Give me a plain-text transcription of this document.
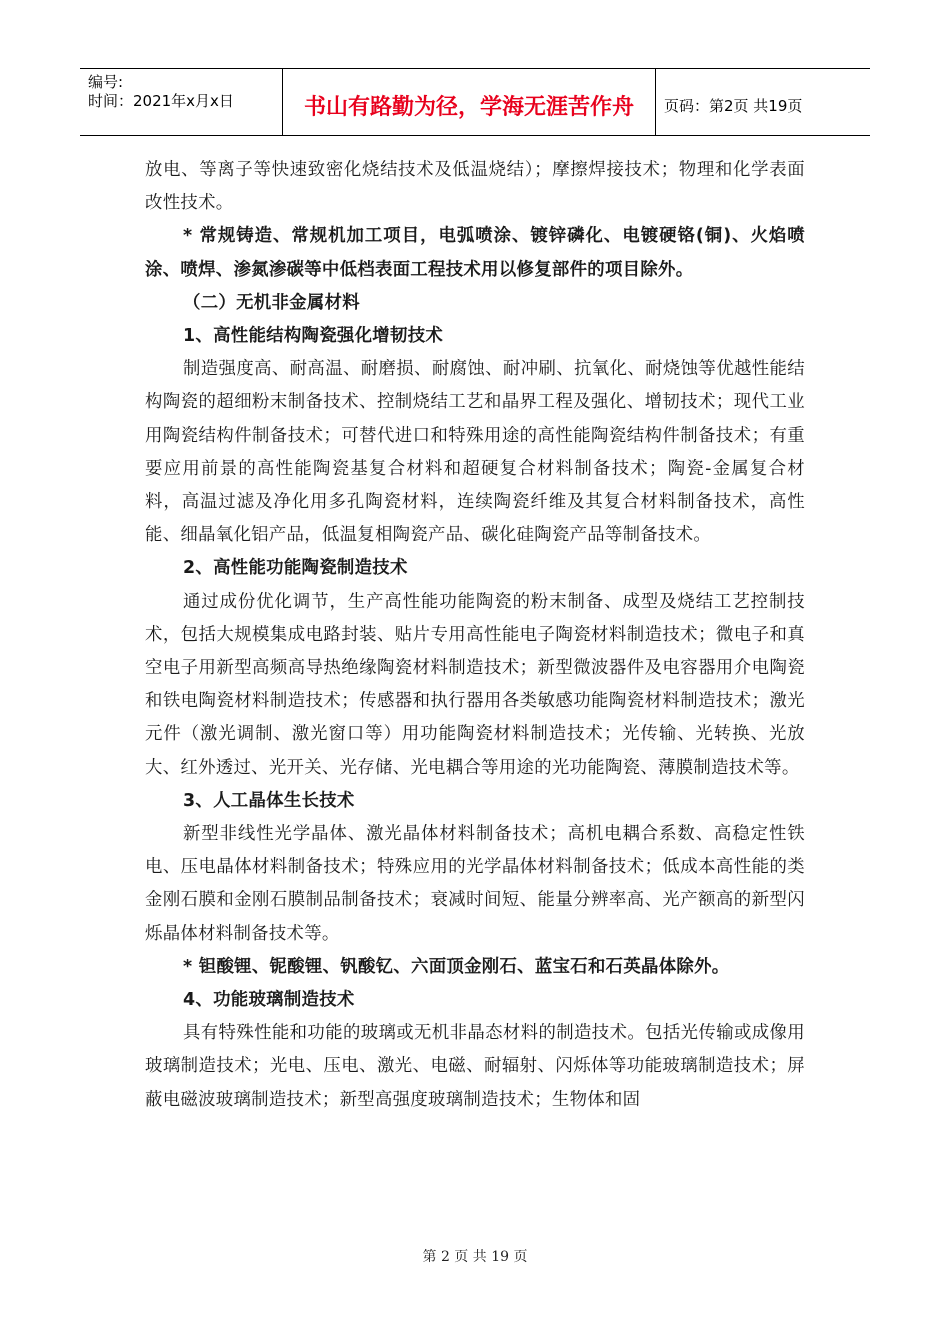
编号:
时间：2021年x月x日	书山有路勤为径，学海无涯苦作舟	页码：第2页 共19页

放电、等离子等快速致密化烧结技术及低温烧结）；摩擦焊接技术；物理和化学表面改性技术。

* 常规铸造、常规机加工项目，电弧喷涂、镀锌磷化、电镀硬铬(铜)、火焰喷涂、喷焊、渗氮渗碳等中低档表面工程技术用以修复部件的项目除外。

（二）无机非金属材料

1、高性能结构陶瓷强化增韧技术

制造强度高、耐高温、耐磨损、耐腐蚀、耐冲刷、抗氧化、耐烧蚀等优越性能结构陶瓷的超细粉末制备技术、控制烧结工艺和晶界工程及强化、增韧技术；现代工业用陶瓷结构件制备技术；可替代进口和特殊用途的高性能陶瓷结构件制备技术；有重要应用前景的高性能陶瓷基复合材料和超硬复合材料制备技术；陶瓷-金属复合材料，高温过滤及净化用多孔陶瓷材料，连续陶瓷纤维及其复合材料制备技术，高性能、细晶氧化铝产品，低温复相陶瓷产品、碳化硅陶瓷产品等制备技术。

2、高性能功能陶瓷制造技术

通过成份优化调节，生产高性能功能陶瓷的粉末制备、成型及烧结工艺控制技术，包括大规模集成电路封装、贴片专用高性能电子陶瓷材料制造技术；微电子和真空电子用新型高频高导热绝缘陶瓷材料制造技术；新型微波器件及电容器用介电陶瓷和铁电陶瓷材料制造技术；传感器和执行器用各类敏感功能陶瓷材料制造技术；激光元件（激光调制、激光窗口等）用功能陶瓷材料制造技术；光传输、光转换、光放大、红外透过、光开关、光存储、光电耦合等用途的光功能陶瓷、薄膜制造技术等。

3、人工晶体生长技术

新型非线性光学晶体、激光晶体材料制备技术；高机电耦合系数、高稳定性铁电、压电晶体材料制备技术；特殊应用的光学晶体材料制备技术；低成本高性能的类金刚石膜和金刚石膜制品制备技术；衰减时间短、能量分辨率高、光产额高的新型闪烁晶体材料制备技术等。

* 钽酸锂、铌酸锂、钒酸钇、六面顶金刚石、蓝宝石和石英晶体除外。

4、功能玻璃制造技术

具有特殊性能和功能的玻璃或无机非晶态材料的制造技术。包括光传输或成像用玻璃制造技术；光电、压电、激光、电磁、耐辐射、闪烁体等功能玻璃制造技术；屏蔽电磁波玻璃制造技术；新型高强度玻璃制造技术；生物体和固

第 2 页 共 19 页
